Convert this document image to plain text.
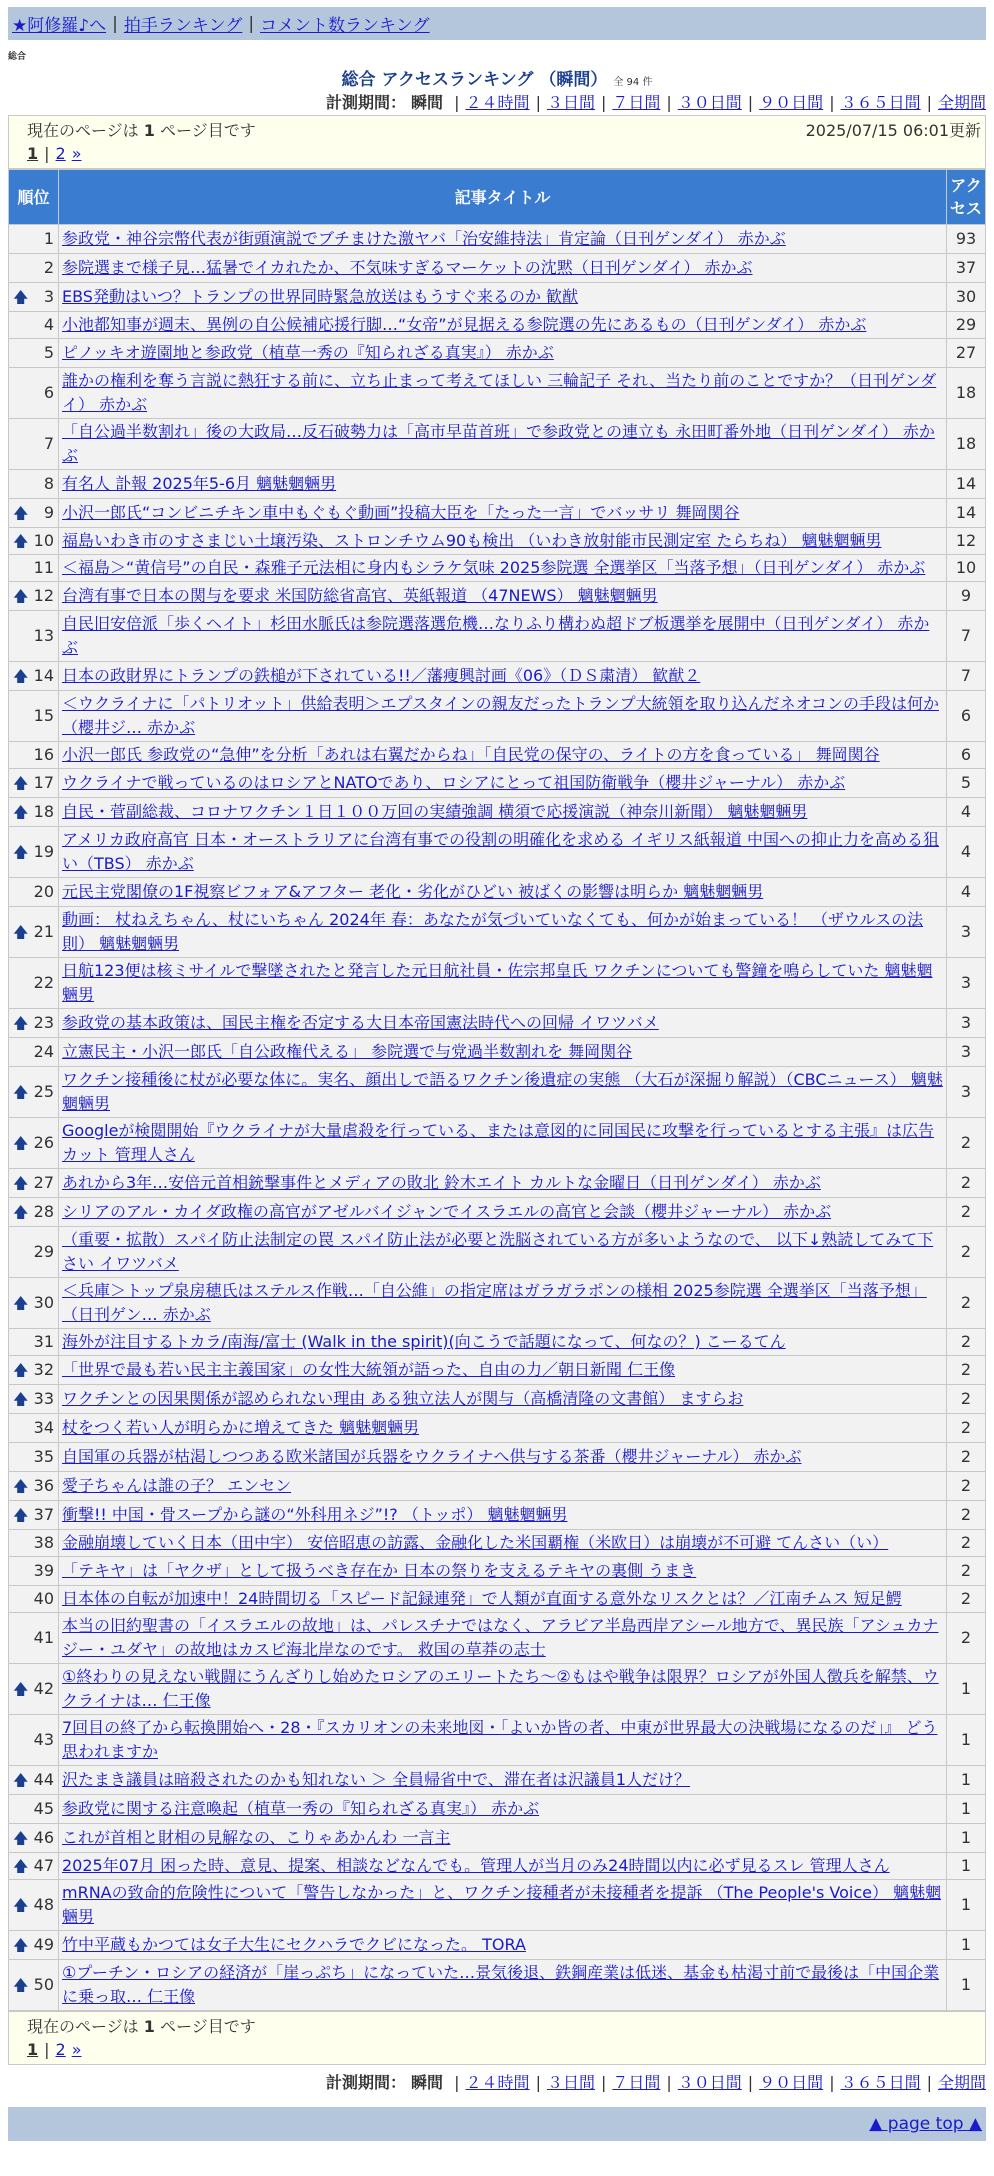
★阿修羅♪へ | 拍手ランキング | コメント数ランキング
総合
総合 アクセスランキング （瞬間） 全 94 件
計測期間： 瞬間 | ２４時間 | ３日間 | ７日間 | ３０日間 | ９０日間 | ３６５日間 | 全期間
現在のページは 1 ページ目です	2025/07/15 06:01更新
1 | 2 »
順位	記事タイトル	アクセス
1	参政党・神谷宗幣代表が街頭演説でブチまけた激ヤバ「治安維持法」肯定論（日刊ゲンダイ） 赤かぶ	93
2	参院選まで様子見…猛暑でイカれたか、不気味すぎるマーケットの沈黙（日刊ゲンダイ） 赤かぶ	37

🡅 3	EBS発動はいつ？トランプの世界同時緊急放送はもうすぐ来るのか 歓猷	30
4	小池都知事が週末、異例の自公候補応援行脚…“女帝”が見据える参院選の先にあるもの（日刊ゲンダイ） 赤かぶ	29
5	ピノッキオ遊園地と参政党（植草一秀の『知られざる真実』） 赤かぶ	27
6	誰かの権利を奪う言説に熱狂する前に、立ち止まって考えてほしい 三輪記子 それ、当たり前のことですか？（日刊ゲンダイ） 赤かぶ	18
7	「自公過半数割れ」後の大政局…反石破勢力は「高市早苗首班」で参政党との連立も 永田町番外地（日刊ゲンダイ） 赤かぶ	18
8	有名人 訃報 2025年5-6月 魑魅魍魎男	14

🡅 9	小沢一郎氏“コンビニチキン車中もぐもぐ動画”投稿大臣を「たった一言」でバッサリ 舞岡関谷	14

🡅 10	福島いわき市のすさまじい土壌汚染、ストロンチウム90も検出 （いわき放射能市民測定室 たらちね） 魑魅魍魎男	12
11	＜福島＞“黄信号”の自民・森雅子元法相に身内もシラケ気味 2025参院選 全選挙区「当落予想」（日刊ゲンダイ） 赤かぶ	10

🡅 12	台湾有事で日本の関与を要求 米国防総省高官、英紙報道 （47NEWS） 魑魅魍魎男	9
13	自民旧安倍派「歩くヘイト」杉田水脈氏は参院選落選危機…なりふり構わぬ超ドブ板選挙を展開中（日刊ゲンダイ） 赤かぶ	7

🡅 14	日本の政財界にトランプの鉄槌が下されている!!／藩痩興討画《06》（ＤＳ粛清） 歓猷２	7
15	＜ウクライナに「パトリオット」供給表明＞エプスタインの親友だったトランプ大統領を取り込んだネオコンの手段は何か（櫻井ジ… 赤かぶ	6
16	小沢一郎氏 参政党の“急伸”を分析「あれは右翼だからね」「自民党の保守の、ライトの方を食っている」 舞岡関谷	6

🡅 17	ウクライナで戦っているのはロシアとNATOであり、ロシアにとって祖国防衛戦争（櫻井ジャーナル） 赤かぶ	5

🡅 18	自民・菅副総裁、コロナワクチン１日１００万回の実績強調 横須で応援演説（神奈川新聞） 魑魅魍魎男	4

🡅 19	アメリカ政府高官 日本・オーストラリアに台湾有事での役割の明確化を求める イギリス紙報道 中国への抑止力を高める狙い（TBS） 赤かぶ	4
20	元民主党閣僚の1F視察ビフォア&アフター 老化・劣化がひどい 被ばくの影響は明らか 魑魅魍魎男	4

🡅 21	動画： 杖ねえちゃん、杖にいちゃん 2024年 春：あなたが気づいていなくても、何かが始まっている！ （ザウルスの法則） 魑魅魍魎男	3
22	日航123便は核ミサイルで撃墜されたと発言した元日航社員・佐宗邦皇氏 ワクチンについても警鐘を鳴らしていた 魑魅魍魎男	3

🡅 23	参政党の基本政策は、国民主権を否定する大日本帝国憲法時代への回帰 イワツバメ	3
24	立憲民主・小沢一郎氏「自公政権代える」 参院選で与党過半数割れを 舞岡関谷	3

🡅 25	ワクチン接種後に杖が必要な体に。実名、顔出しで語るワクチン後遺症の実態 （大石が深掘り解説）（CBCニュース） 魑魅魍魎男	3

🡅 26	Googleが検閲開始『ウクライナが大量虐殺を行っている、または意図的に同国民に攻撃を行っているとする主張』は広告カット 管理人さん	2

🡅 27	あれから3年…安倍元首相銃撃事件とメディアの敗北 鈴木エイト カルトな金曜日（日刊ゲンダイ） 赤かぶ	2

🡅 28	シリアのアル・カイダ政権の高官がアゼルバイジャンでイスラエルの高官と会談（櫻井ジャーナル） 赤かぶ	2
29	（重要・拡散）スパイ防止法制定の罠 スパイ防止法が必要と洗脳されている方が多いようなので、 以下↓熟読してみて下さい イワツバメ	2

🡅 30	＜兵庫＞トップ泉房穂氏はステルス作戦…「自公維」の指定席はガラガラポンの様相 2025参院選 全選挙区「当落予想」（日刊ゲン… 赤かぶ	2
31	海外が注目するトカラ/南海/富士 (Walk in the spirit)(向こうで話題になって、何なの？) こーるてん	2

🡅 32	「世界で最も若い民主主義国家」の女性大統領が語った、自由の力／朝日新聞 仁王像	2

🡅 33	ワクチンとの因果関係が認められない理由 ある独立法人が関与（高橋清隆の文書館） ますらお	2
34	杖をつく若い人が明らかに増えてきた 魑魅魍魎男	2
35	自国軍の兵器が枯渇しつつある欧米諸国が兵器をウクライナへ供与する茶番（櫻井ジャーナル） 赤かぶ	2

🡅 36	愛子ちゃんは誰の子？ エンセン	2

🡅 37	衝撃!! 中国・骨スープから謎の“外科用ネジ”!? （トッポ） 魑魅魍魎男	2
38	金融崩壊していく日本（田中宇） 安倍昭恵の訪露、金融化した米国覇権（米欧日）は崩壊が不可避 てんさい（い）	2
39	「テキヤ」は「ヤクザ」として扱うべき存在か 日本の祭りを支えるテキヤの裏側 うまき	2
40	日本体の自転が加速中！24時間切る「スピード記録連発」で人類が直面する意外なリスクとは？／江南チムス 短足鰐	2
41	本当の旧約聖書の「イスラエルの故地」は、パレスチナではなく、アラビア半島西岸アシール地方で、異民族「アシュカナジー・ユダヤ」の故地はカスピ海北岸なのです。 救国の草莽の志士	2

🡅 42	①終わりの見えない戦闘にうんざりし始めたロシアのエリートたち～②もはや戦争は限界？ロシアが外国人徴兵を解禁、ウクライナは… 仁王像	1
43	7回目の終了から転換開始へ・28・『スカリオンの未来地図・「よいか皆の者、中東が世界最大の決戦場になるのだ」』 どう思われますか	1

🡅 44	沢たまき議員は暗殺されたのかも知れない ＞ 全員帰省中で、滞在者は沢議員1人だけ？	1
45	参政党に関する注意喚起（植草一秀の『知られざる真実』） 赤かぶ	1

🡅 46	これが首相と財相の見解なの、こりゃあかんわ 一言主	1

🡅 47	2025年07月 困った時、意見、提案、相談などなんでも。管理人が当月のみ24時間以内に必ず見るスレ 管理人さん	1

🡅 48	mRNAの致命的危険性について「警告しなかった」と、ワクチン接種者が未接種者を提訴 （The People's Voice） 魑魅魍魎男	1

🡅 49	竹中平蔵もかつては女子大生にセクハラでクビになった。 TORA	1

🡅 50	①プーチン・ロシアの経済が「崖っぷち」になっていた…景気後退、鉄鋼産業は低迷、基金も枯渇寸前で最後は「中国企業に乗っ取… 仁王像	1
現在のページは 1 ページ目です
1 | 2 »
計測期間： 瞬間 | ２４時間 | ３日間 | ７日間 | ３０日間 | ９０日間 | ３６５日間 | 全期間
▲ page top ▲
